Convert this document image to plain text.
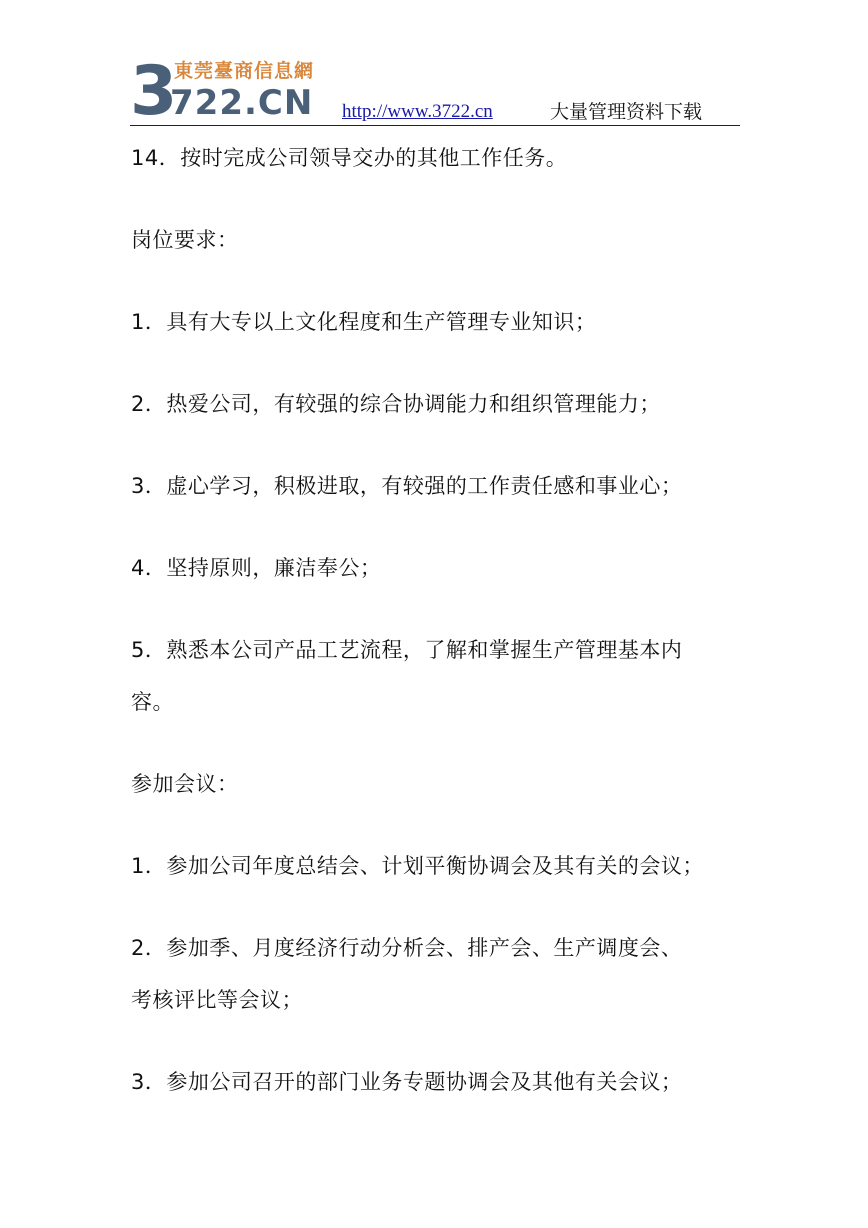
3
722.CN
東莞臺商信息網
http://www.3722.cn	大量管理资料下载

14．按时完成公司领导交办的其他工作任务。

岗位要求：

1．具有大专以上文化程度和生产管理专业知识；

2．热爱公司，有较强的综合协调能力和组织管理能力；

3．虚心学习，积极进取，有较强的工作责任感和事业心；

4．坚持原则，廉洁奉公；

5．熟悉本公司产品工艺流程，了解和掌握生产管理基本内

容。

参加会议：

1．参加公司年度总结会、计划平衡协调会及其有关的会议；

2．参加季、月度经济行动分析会、排产会、生产调度会、

考核评比等会议；

3．参加公司召开的部门业务专题协调会及其他有关会议；
